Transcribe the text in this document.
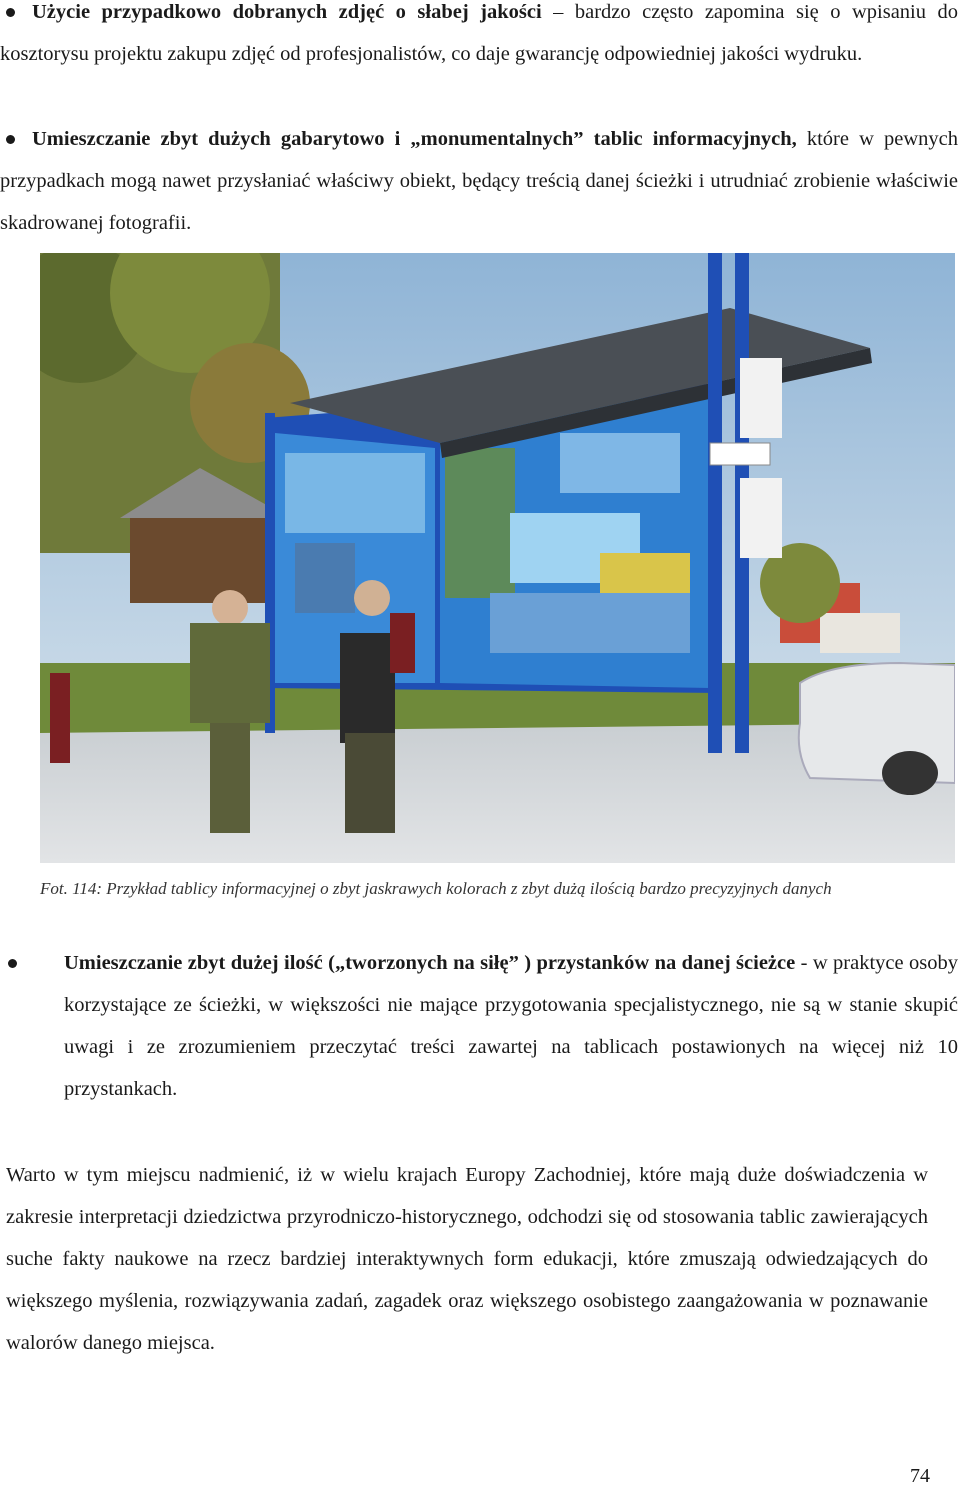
Użycie przypadkowo dobranych zdjęć o słabej jakości – bardzo często zapomina się o wpisaniu do kosztorysu projektu zakupu zdjęć od profesjonalistów, co daje gwarancję odpowiedniej jakości wydruku.

Umieszczanie zbyt dużych gabarytowo i „monumentalnych” tablic informacyjnych, które w pewnych przypadkach mogą nawet przysłaniać właściwy obiekt, będący treścią danej ścieżki i utrudniać zrobienie właściwie skadrowanej fotografii.

Fot. 114: Przykład tablicy informacyjnej o zbyt jaskrawych kolorach z zbyt dużą ilością bardzo precyzyjnych danych

Umieszczanie zbyt dużej ilość („tworzonych na siłę” ) przystanków na danej ścieżce - w praktyce osoby korzystające ze ścieżki, w większości nie mające przygotowania specjalistycznego, nie są w stanie skupić uwagi i ze zrozumieniem przeczytać treści zawartej na tablicach postawionych na więcej niż 10 przystankach.

Warto w tym miejscu nadmienić, iż w wielu krajach Europy Zachodniej, które mają duże doświadczenia w zakresie interpretacji dziedzictwa przyrodniczo-historycznego, odchodzi się od stosowania tablic zawierających suche fakty naukowe na rzecz bardziej interaktywnych form edukacji, które zmuszają odwiedzających do większego myślenia, rozwiązywania zadań, zagadek oraz większego osobistego zaangażowania w poznawanie walorów danego miejsca.

74
